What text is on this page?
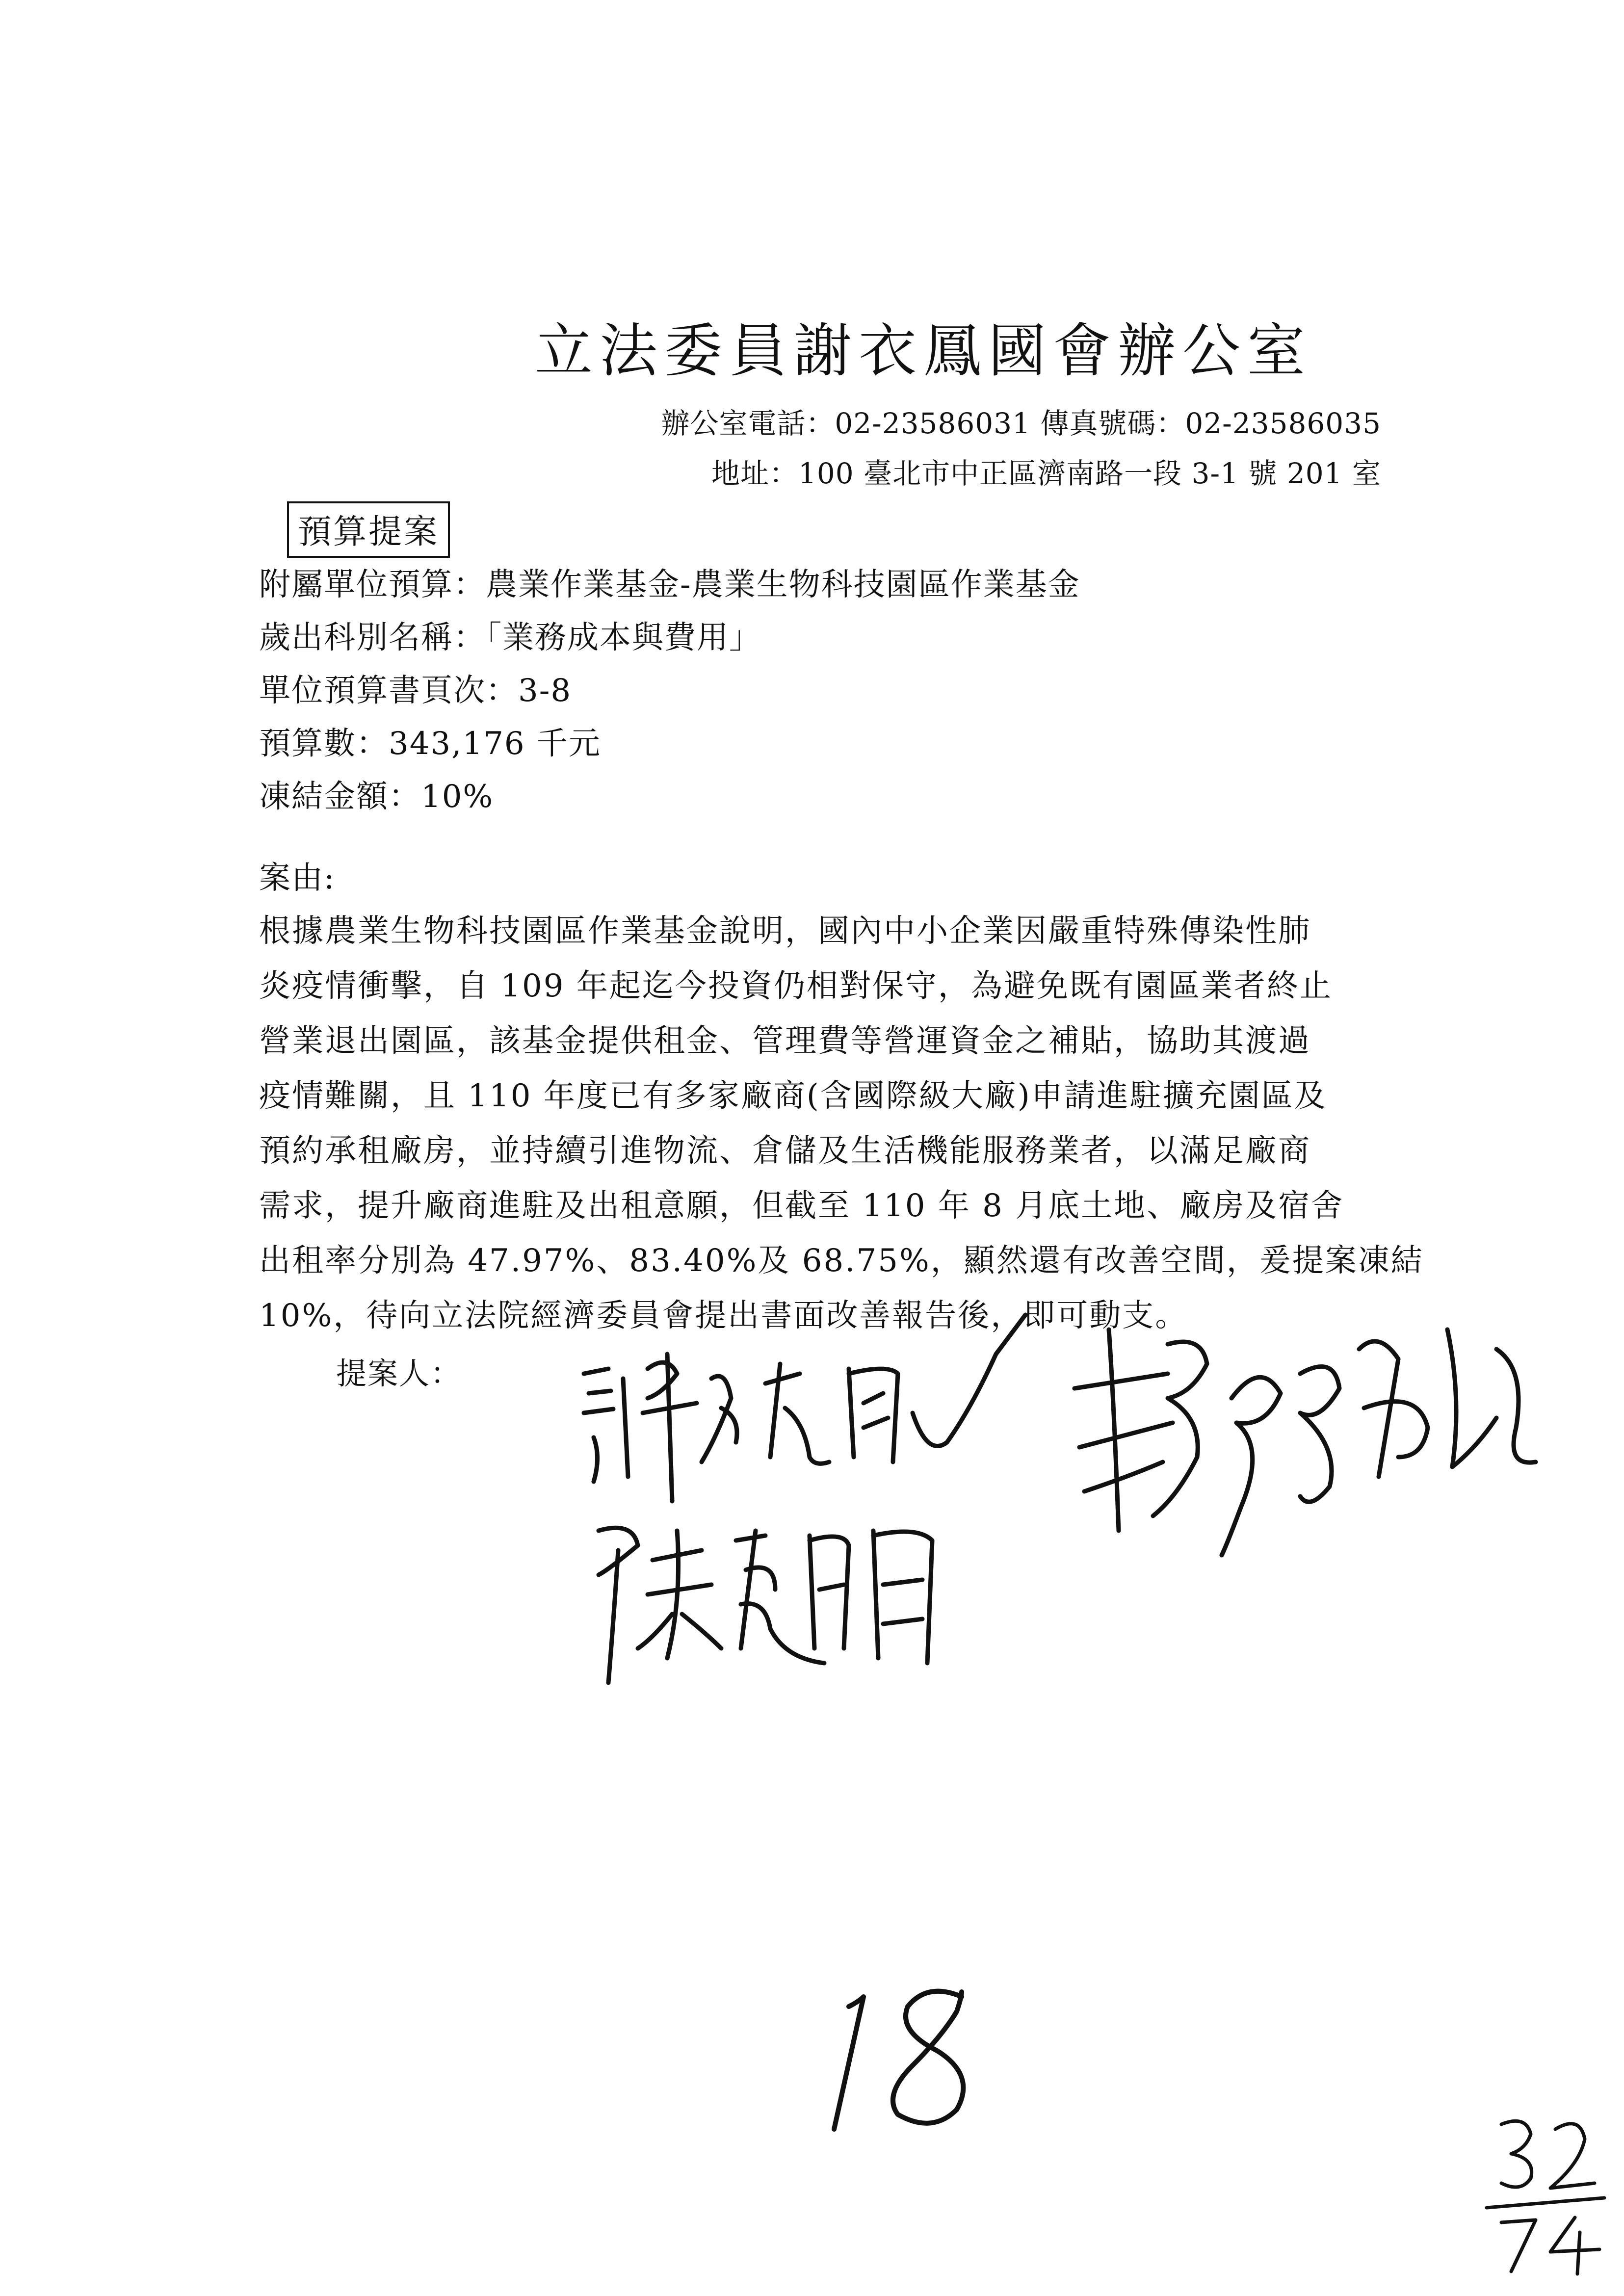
立法委員謝衣鳳國會辦公室
辦公室電話：02-23586031 傳真號碼：02-23586035
地址：100 臺北市中正區濟南路一段 3-1 號 201 室
預算提案
附屬單位預算：農業作業基金-農業生物科技園區作業基金
歲出科別名稱：「業務成本與費用」
單位預算書頁次：3-8
預算數：343,176 千元
凍結金額：10%
案由:
根據農業生物科技園區作業基金說明，國內中小企業因嚴重特殊傳染性肺
炎疫情衝擊，自 109 年起迄今投資仍相對保守，為避免既有園區業者終止
營業退出園區，該基金提供租金、管理費等營運資金之補貼，協助其渡過
疫情難關，且 110 年度已有多家廠商(含國際級大廠)申請進駐擴充園區及
預約承租廠房，並持續引進物流、倉儲及生活機能服務業者，以滿足廠商
需求，提升廠商進駐及出租意願，但截至 110 年 8 月底土地、廠房及宿舍
出租率分別為 47.97%、83.40%及 68.75%，顯然還有改善空間，爰提案凍結
10%，待向立法院經濟委員會提出書面改善報告後，即可動支。
提案人：
